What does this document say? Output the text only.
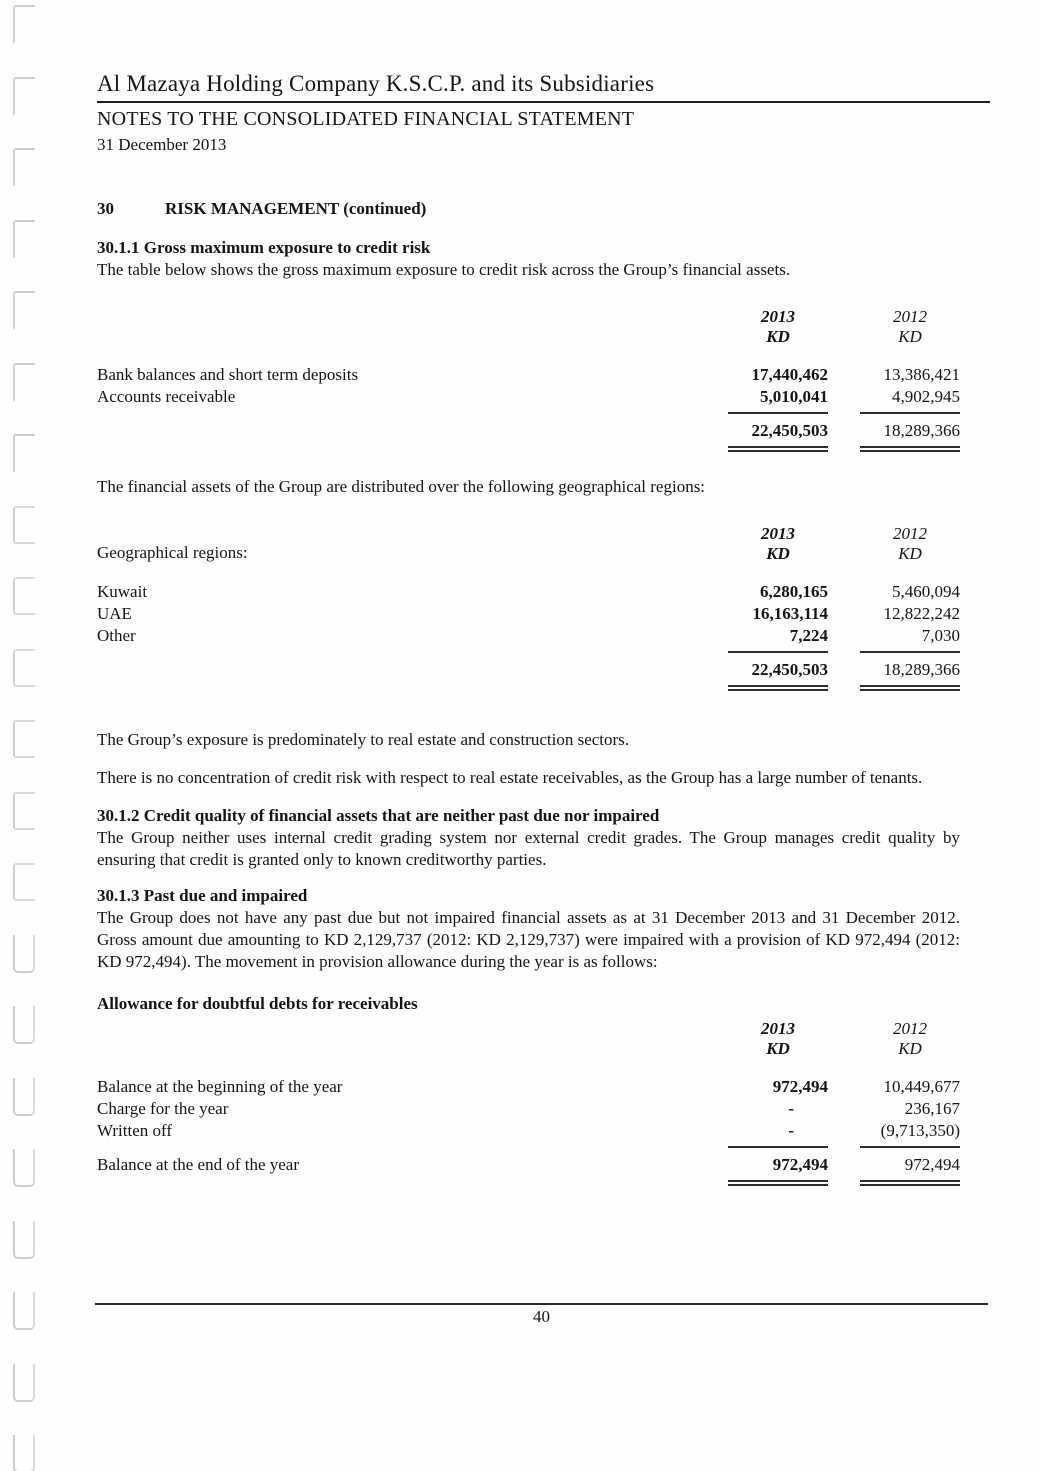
Al Mazaya Holding Company K.S.C.P. and its Subsidiaries
NOTES TO THE CONSOLIDATED FINANCIAL STATEMENT
31 December 2013
30	RISK MANAGEMENT (continued)
30.1.1 Gross maximum exposure to credit risk

The table below shows the gross maximum exposure to credit risk across the Group’s financial assets.

2013
KD
2012
KD
Bank balances and short term deposits	17,440,462	13,386,421
Accounts receivable	5,010,041	4,902,945
22,450,503	18,289,366

The financial assets of the Group are distributed over the following geographical regions:

Geographical regions:
2013
KD
2012
KD
Kuwait	6,280,165	5,460,094
UAE	16,163,114	12,822,242
Other	7,224	7,030
22,450,503	18,289,366

The Group’s exposure is predominately to real estate and construction sectors.

There is no concentration of credit risk with respect to real estate receivables, as the Group has a large number of tenants.

30.1.2 Credit quality of financial assets that are neither past due nor impaired

The Group neither uses internal credit grading system nor external credit grades. The Group manages credit quality by ensuring that credit is granted only to known creditworthy parties.

30.1.3 Past due and impaired

The Group does not have any past due but not impaired financial assets as at 31 December 2013 and 31 December 2012. Gross amount due amounting to KD 2,129,737 (2012: KD 2,129,737) were impaired with a provision of KD 972,494 (2012: KD 972,494). The movement in provision allowance during the year is as follows:

Allowance for doubtful debts for receivables
2013
KD
2012
KD
Balance at the beginning of the year	972,494	10,449,677
Charge for the year	-	236,167
Written off	-	(9,713,350)
Balance at the end of the year	972,494	972,494
40
